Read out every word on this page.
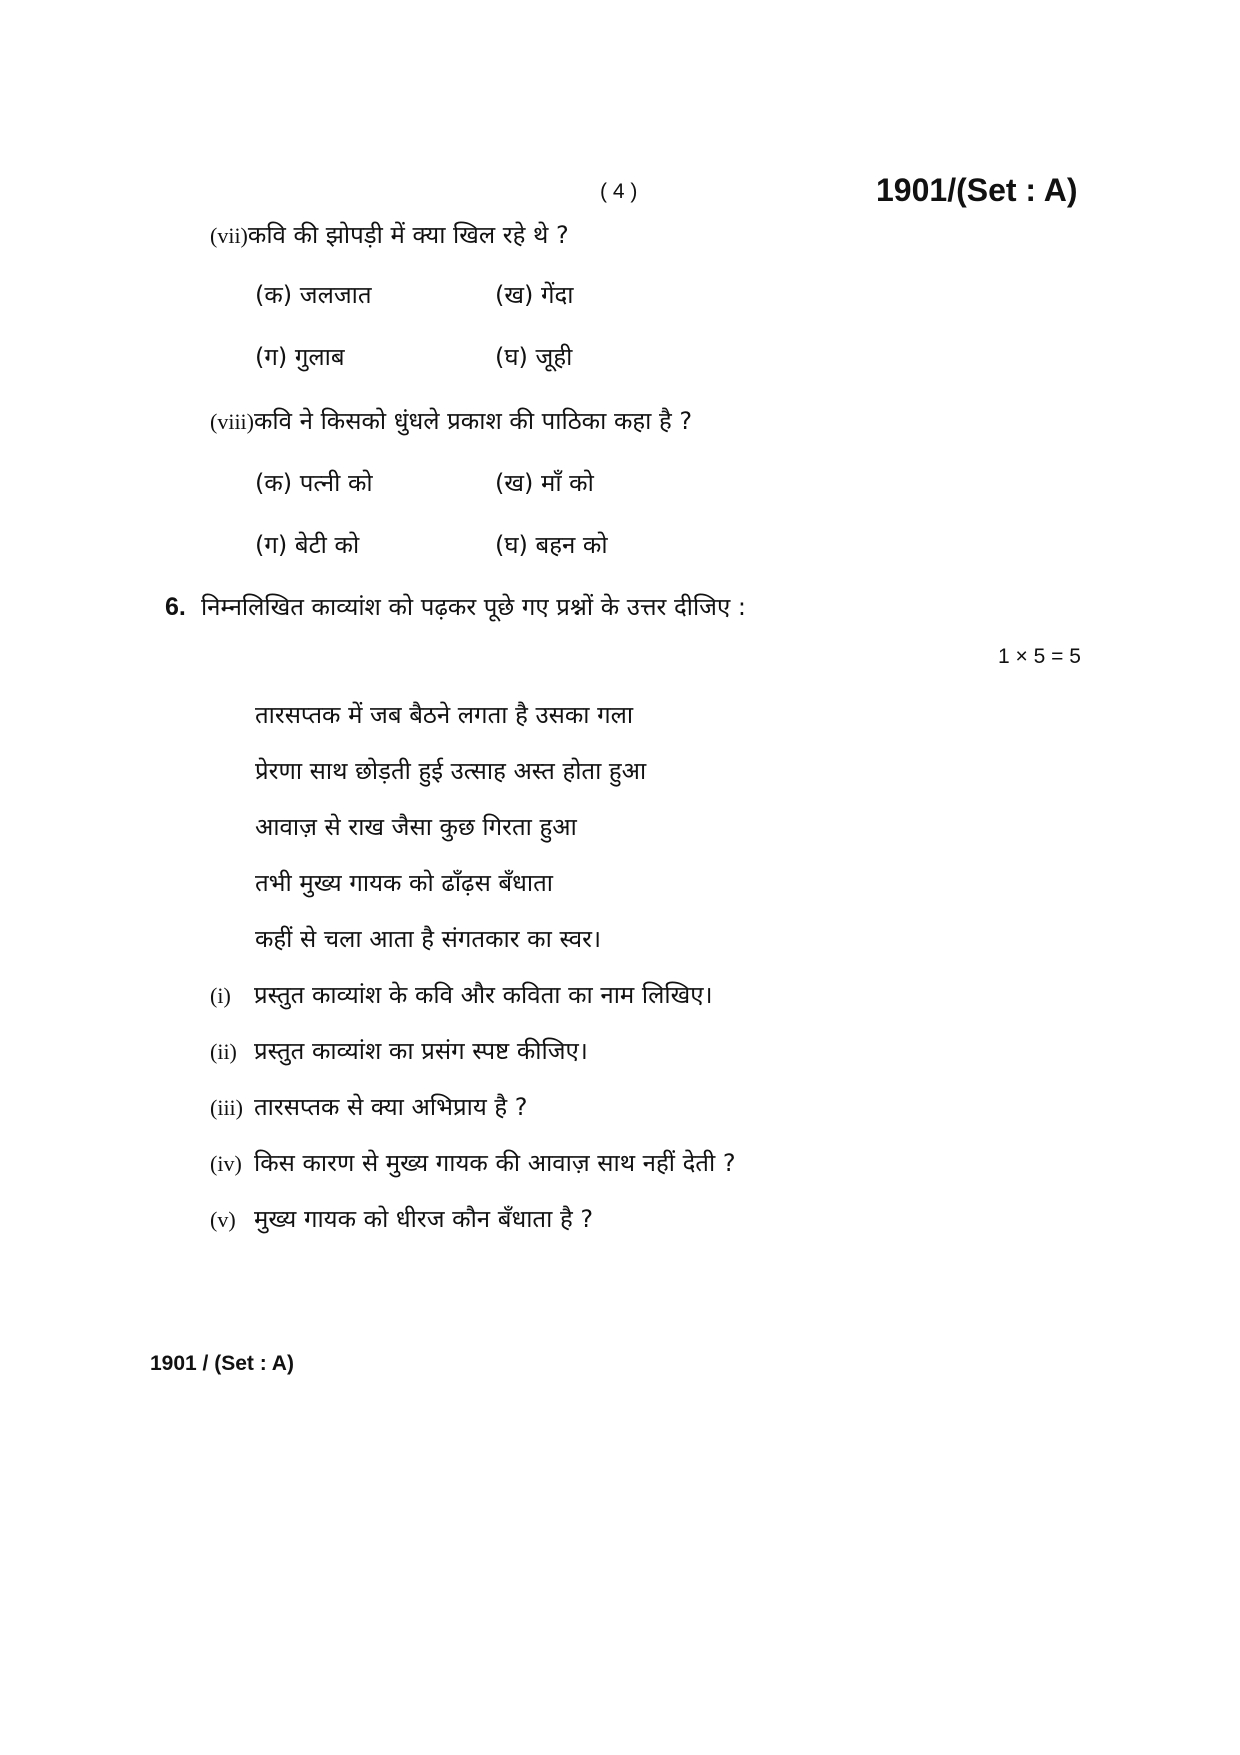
( 4 )	1901/(Set : A)
(vii)कवि की झोपड़ी में क्या खिल रहे थे ?
(क) जलजात	(ख) गेंदा
(ग) गुलाब	(घ) जूही
(viii)कवि ने किसको धुंधले प्रकाश की पाठिका कहा है ?
(क) पत्नी को	(ख) माँ को
(ग) बेटी को	(घ) बहन को
6. निम्नलिखित काव्यांश को पढ़कर पूछे गए प्रश्नों के उत्तर दीजिए :
1 × 5 = 5
तारसप्तक में जब बैठने लगता है उसका गला
प्रेरणा साथ छोड़ती हुई उत्साह अस्त होता हुआ
आवाज़ से राख जैसा कुछ गिरता हुआ
तभी मुख्य गायक को ढाँढ़स बँधाता
कहीं से चला आता है संगतकार का स्वर।
(i) प्रस्तुत काव्यांश के कवि और कविता का नाम लिखिए।
(ii) प्रस्तुत काव्यांश का प्रसंग स्पष्ट कीजिए।
(iii) तारसप्तक से क्या अभिप्राय है ?
(iv) किस कारण से मुख्य गायक की आवाज़ साथ नहीं देती ?
(v) मुख्य गायक को धीरज कौन बँधाता है ?
1901 / (Set : A)
